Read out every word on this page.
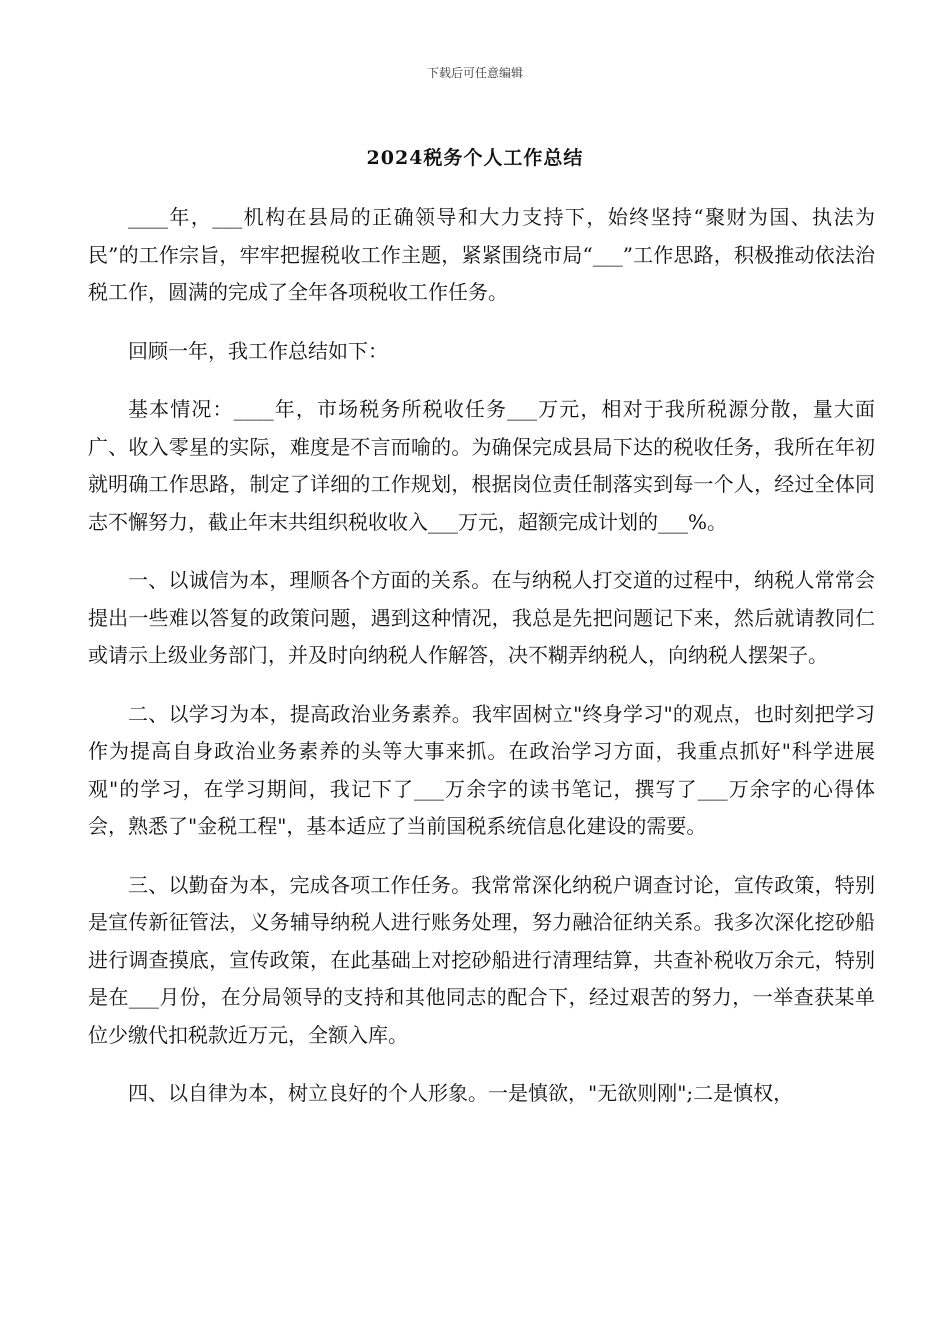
下载后可任意编辑
2024税务个人工作总结

____年，___机构在县局的正确领导和大力支持下，始终坚持“聚财为国、执法为民”的工作宗旨，牢牢把握税收工作主题，紧紧围绕市局“___”工作思路，积极推动依法治税工作，圆满的完成了全年各项税收工作任务。

回顾一年，我工作总结如下：

基本情况：____年，市场税务所税收任务___万元，相对于我所税源分散，量大面广、收入零星的实际，难度是不言而喻的。为确保完成县局下达的税收任务，我所在年初就明确工作思路，制定了详细的工作规划，根据岗位责任制落实到每一个人，经过全体同志不懈努力，截止年末共组织税收收入___万元，超额完成计划的___%。

一、以诚信为本，理顺各个方面的关系。在与纳税人打交道的过程中，纳税人常常会提出一些难以答复的政策问题，遇到这种情况，我总是先把问题记下来，然后就请教同仁或请示上级业务部门，并及时向纳税人作解答，决不糊弄纳税人，向纳税人摆架子。

二、以学习为本，提高政治业务素养。我牢固树立"终身学习"的观点，也时刻把学习作为提高自身政治业务素养的头等大事来抓。在政治学习方面，我重点抓好"科学进展观"的学习，在学习期间，我记下了___万余字的读书笔记，撰写了___万余字的心得体会，熟悉了"金税工程"，基本适应了当前国税系统信息化建设的需要。

三、以勤奋为本，完成各项工作任务。我常常深化纳税户调查讨论，宣传政策，特别是宣传新征管法，义务辅导纳税人进行账务处理，努力融洽征纳关系。我多次深化挖砂船进行调查摸底，宣传政策，在此基础上对挖砂船进行清理结算，共查补税收万余元，特别是在___月份，在分局领导的支持和其他同志的配合下，经过艰苦的努力，一举查获某单位少缴代扣税款近万元，全额入库。

四、以自律为本，树立良好的个人形象。一是慎欲，"无欲则刚";二是慎权，
